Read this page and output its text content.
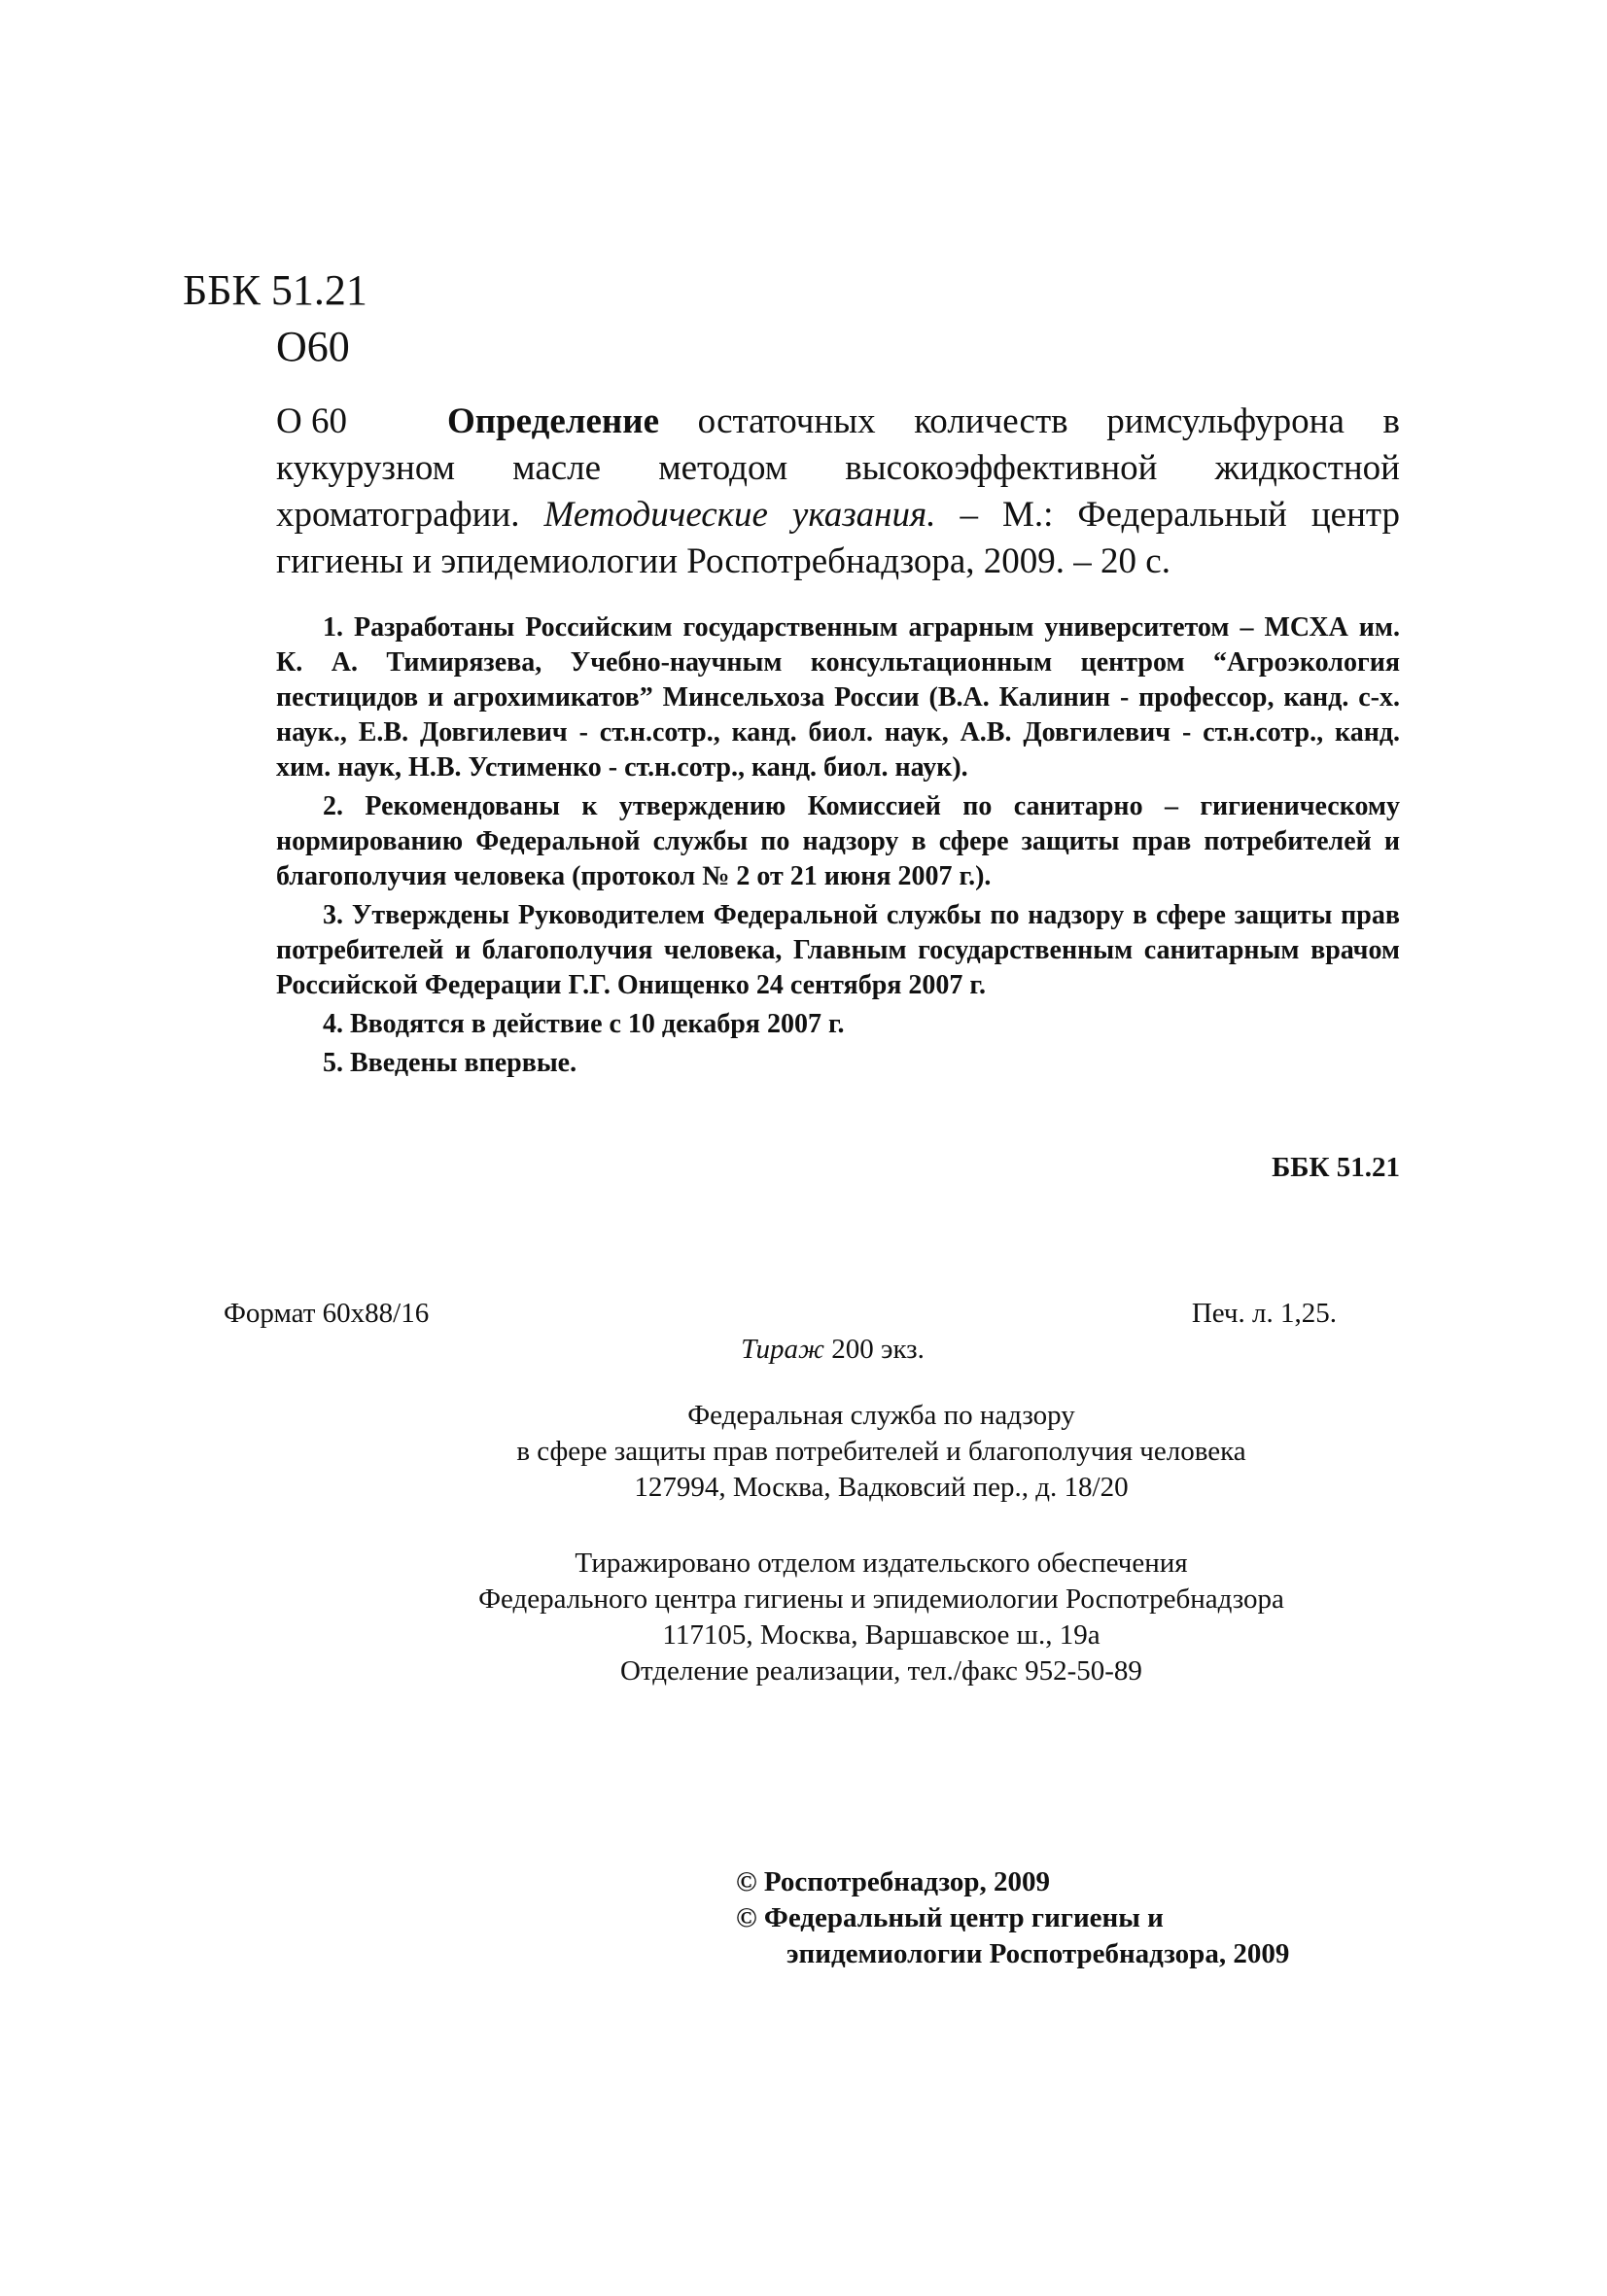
ББК 51.21
О60
О 60	Определение остаточных количеств римсульфурона в кукурузном масле методом высокоэффективной жидкостной хроматографии. Методические указания. – М.: Федеральный центр гигиены и эпидемиологии Роспотребнадзора, 2009. – 20 с.
1. Разработаны Российским государственным аграрным университетом – МСХА им. К. А. Тимирязева, Учебно-научным консультационным центром “Агроэкология пестицидов и агрохимикатов” Минсельхоза России (В.А. Калинин - профессор, канд. с-х. наук., Е.В. Довгилевич - ст.н.сотр., канд. биол. наук, А.В. Довгилевич - ст.н.сотр., канд. хим. наук, Н.В. Устименко - ст.н.сотр., канд. биол. наук).
2. Рекомендованы к утверждению Комиссией по санитарно – гигиеническому нормированию Федеральной службы по надзору в сфере защиты прав потребителей и благополучия человека (протокол № 2 от 21 июня 2007 г.).
3. Утверждены Руководителем Федеральной службы по надзору в сфере защиты прав потребителей и благополучия человека, Главным государственным санитарным врачом Российской Федерации Г.Г. Онищенко 24 сентября 2007 г.
4. Вводятся в действие с 10 декабря 2007 г.
5. Введены впервые.
ББК 51.21
Формат 60х88/16	Печ. л. 1,25.
Тираж 200 экз.
Федеральная служба по надзору
в сфере защиты прав потребителей и благополучия человека
127994, Москва, Вадковсий пер., д. 18/20
Тиражировано отделом издательского обеспечения
Федерального центра гигиены и эпидемиологии Роспотребнадзора
117105, Москва, Варшавское ш., 19а
Отделение реализации, тел./факс 952-50-89
© Роспотребнадзор, 2009
© Федеральный центр гигиены и
эпидемиологии Роспотребнадзора, 2009
